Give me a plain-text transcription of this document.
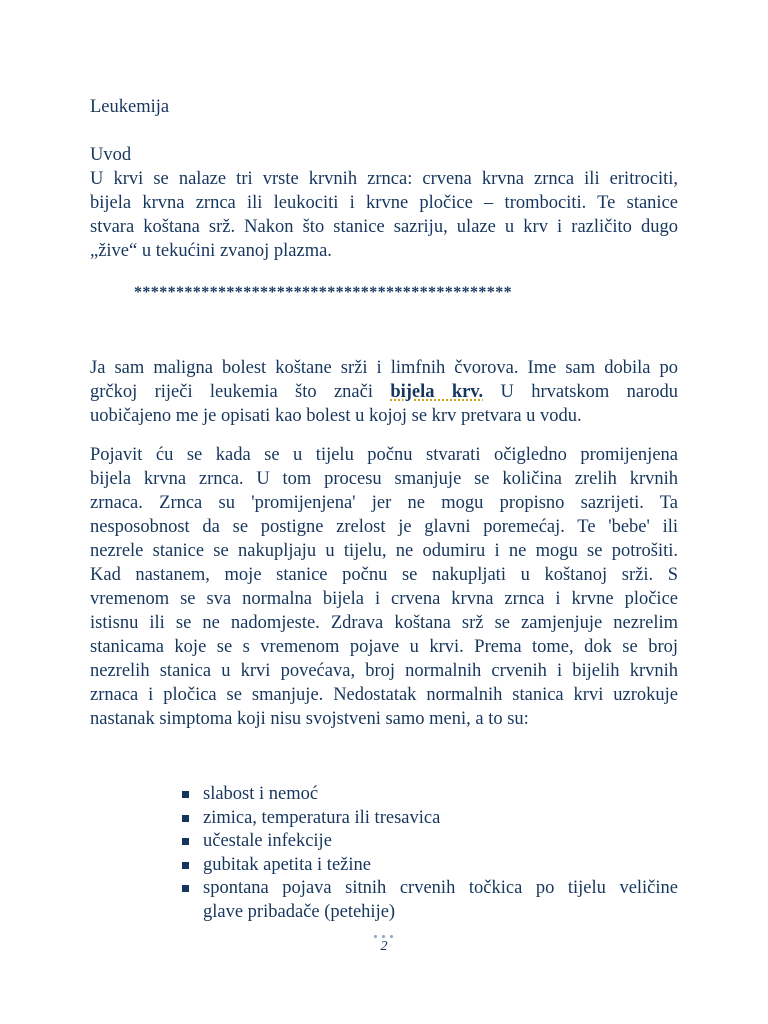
Leukemija
Uvod
U krvi se nalaze tri vrste krvnih zrnca: crvena krvna zrnca ili eritrociti,
bijela krvna zrnca ili leukociti i krvne pločice – trombociti. Te stanice
stvara koštana srž. Nakon što stanice sazriju, ulaze u krv i različito dugo
„žive“ u tekućini zvanoj plazma.
*********************************************
Ja sam maligna bolest koštane srži i limfnih čvorova. Ime sam dobila po
grčkoj riječi leukemia što znači bijela krv. U hrvatskom narodu
uobičajeno me je opisati kao bolest u kojoj se krv pretvara u vodu.
Pojavit ću se kada se u tijelu počnu stvarati očigledno promijenjena
bijela krvna zrnca. U tom procesu smanjuje se količina zrelih krvnih
zrnaca. Zrnca su 'promijenjena' jer ne mogu propisno sazrijeti. Ta
nesposobnost da se postigne zrelost je glavni poremećaj. Te 'bebe' ili
nezrele stanice se nakupljaju u tijelu, ne odumiru i ne mogu se potrošiti.
Kad nastanem, moje stanice počnu se nakupljati u koštanoj srži. S
vremenom se sva normalna bijela i crvena krvna zrnca i krvne pločice
istisnu ili se ne nadomjeste. Zdrava koštana srž se zamjenjuje nezrelim
stanicama koje se s vremenom pojave u krvi. Prema tome, dok se broj
nezrelih stanica u krvi povećava, broj normalnih crvenih i bijelih krvnih
zrnaca i pločica se smanjuje. Nedostatak normalnih stanica krvi uzrokuje
nastanak simptoma koji nisu svojstveni samo meni, a to su:
slabost i nemoć
zimica, temperatura ili tresavica
učestale infekcije
gubitak apetita i težine
spontana pojava sitnih crvenih točkica po tijelu veličine
glave pribadače (petehije)
2
